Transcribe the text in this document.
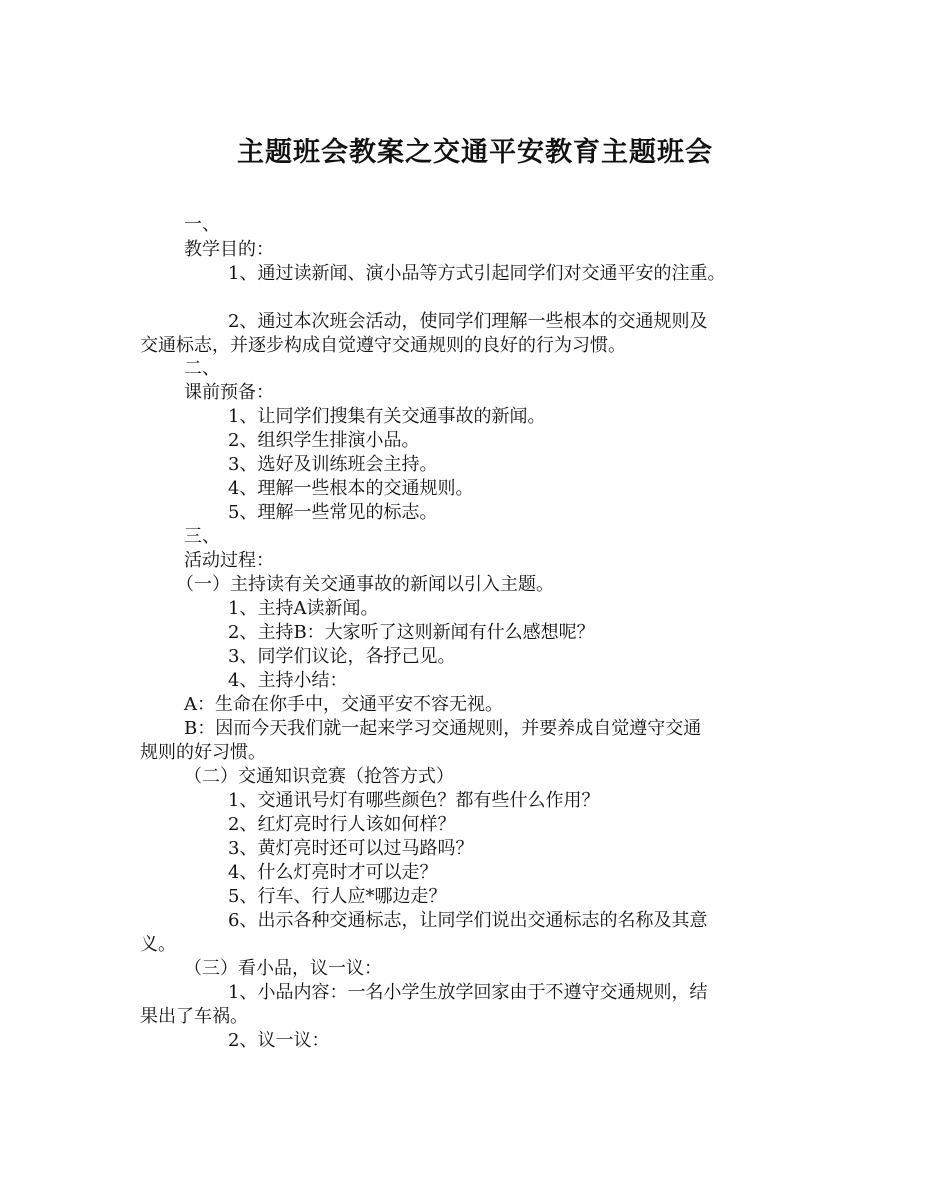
主题班会教案之交通平安教育主题班会
一、
教学目的：
1、通过读新闻、演小品等方式引起同学们对交通平安的注重。
2、通过本次班会活动，使同学们理解一些根本的交通规则及
交通标志，并逐步构成自觉遵守交通规则的良好的行为习惯。
二、
课前预备：
1、让同学们搜集有关交通事故的新闻。
2、组织学生排演小品。
3、选好及训练班会主持。
4、理解一些根本的交通规则。
5、理解一些常见的标志。
三、
活动过程：
（一）主持读有关交通事故的新闻以引入主题。
1、主持A读新闻。
2、主持B：大家听了这则新闻有什么感想呢？
3、同学们议论，各抒己见。
4、主持小结：
A：生命在你手中，交通平安不容无视。
B：因而今天我们就一起来学习交通规则，并要养成自觉遵守交通
规则的好习惯。
（二）交通知识竞赛（抢答方式）
1、交通讯号灯有哪些颜色？都有些什么作用？
2、红灯亮时行人该如何样？
3、黄灯亮时还可以过马路吗？
4、什么灯亮时才可以走？
5、行车、行人应*哪边走？
6、出示各种交通标志，让同学们说出交通标志的名称及其意
义。
（三）看小品，议一议：
1、小品内容：一名小学生放学回家由于不遵守交通规则，结
果出了车祸。
2、议一议：
